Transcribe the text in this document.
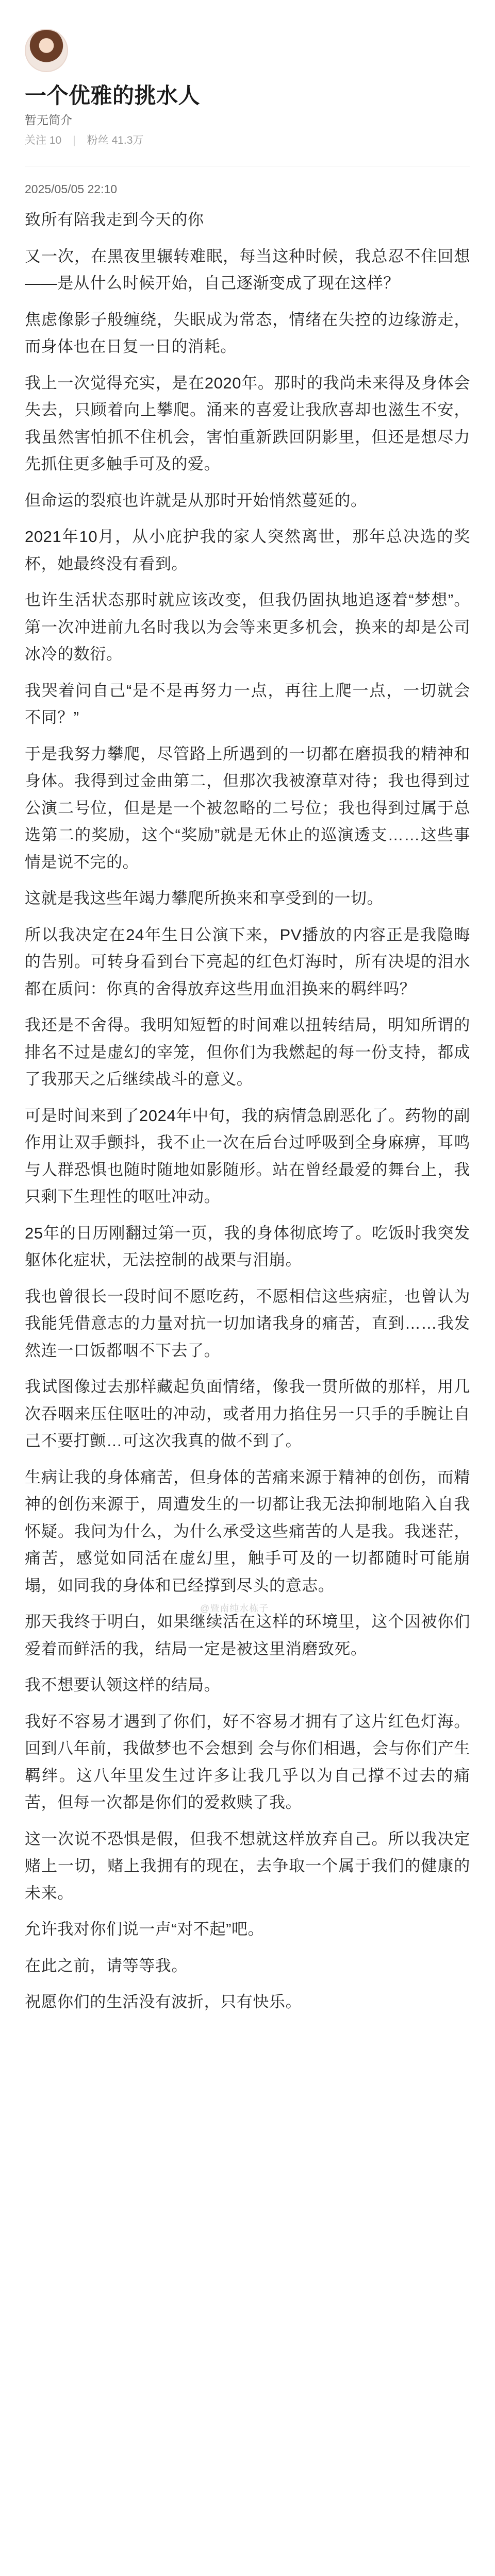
一个优雅的挑水人
暂无简介
关注 10 | 粉丝 41.3万
2025/05/05 22:10

致所有陪我走到今天的你

又一次，在黑夜里辗转难眠，每当这种时候，我总忍不住回想——是从什么时候开始，自己逐渐变成了现在这样？

焦虑像影子般缠绕，失眠成为常态，情绪在失控的边缘游走，而身体也在日复一日的消耗。

我上一次觉得充实，是在2020年。那时的我尚未来得及身体会失去，只顾着向上攀爬。涌来的喜爱让我欣喜却也滋生不安，我虽然害怕抓不住机会，害怕重新跌回阴影里，但还是想尽力先抓住更多触手可及的爱。

但命运的裂痕也许就是从那时开始悄然蔓延的。

2021年10月，从小庇护我的家人突然离世，那年总决选的奖杯，她最终没有看到。

也许生活状态那时就应该改变，但我仍固执地追逐着“梦想”。第一次冲进前九名时我以为会等来更多机会，换来的却是公司冰冷的数衍。

我哭着问自己“是不是再努力一点，再往上爬一点，一切就会不同？”

于是我努力攀爬，尽管路上所遇到的一切都在磨损我的精神和身体。我得到过金曲第二，但那次我被潦草对待；我也得到过公演二号位，但是是一个被忽略的二号位；我也得到过属于总选第二的奖励，这个“奖励”就是无休止的巡演透支……这些事情是说不完的。

这就是我这些年竭力攀爬所换来和享受到的一切。

所以我决定在24年生日公演下来，PV播放的内容正是我隐晦的告别。可转身看到台下亮起的红色灯海时，所有决堤的泪水都在质问：你真的舍得放弃这些用血泪换来的羁绊吗？

我还是不舍得。我明知短暂的时间难以扭转结局，明知所谓的排名不过是虚幻的宰笼，但你们为我燃起的每一份支持，都成了我那天之后继续战斗的意义。

可是时间来到了2024年中旬，我的病情急剧恶化了。药物的副作用让双手颤抖，我不止一次在后台过呼吸到全身麻痹，耳鸣与人群恐惧也随时随地如影随形。站在曾经最爱的舞台上，我只剩下生理性的呕吐冲动。

25年的日历刚翻过第一页，我的身体彻底垮了。吃饭时我突发躯体化症状，无法控制的战栗与泪崩。

我也曾很长一段时间不愿吃药，不愿相信这些病症，也曾认为我能凭借意志的力量对抗一切加诸我身的痛苦，直到……我发然连一口饭都咽不下去了。

我试图像过去那样藏起负面情绪，像我一贯所做的那样，用几次吞咽来压住呕吐的冲动，或者用力掐住另一只手的手腕让自己不要打颤…可这次我真的做不到了。

生病让我的身体痛苦，但身体的苦痛来源于精神的创伤，而精神的创伤来源于，周遭发生的一切都让我无法抑制地陷入自我怀疑。我问为什么，为什么承受这些痛苦的人是我。我迷茫，痛苦，感觉如同活在虚幻里，触手可及的一切都随时可能崩塌，如同我的身体和已经撑到尽头的意志。

那天我终于明白，如果继续活在这样的环境里，这个因被你们爱着而鲜活的我，结局一定是被这里消磨致死。

我不想要认领这样的结局。

我好不容易才遇到了你们，好不容易才拥有了这片红色灯海。回到八年前，我做梦也不会想到 会与你们相遇，会与你们产生羁绊。这八年里发生过许多让我几乎以为自己撑不过去的痛苦，但每一次都是你们的爱救赎了我。

这一次说不恐惧是假，但我不想就这样放弃自己。所以我决定赌上一切，赌上我拥有的现在，去争取一个属于我们的健康的未来。

允许我对你们说一声“对不起”吧。

在此之前，请等等我。

祝愿你们的生活没有波折，只有快乐。

@暨南纯水栋子
